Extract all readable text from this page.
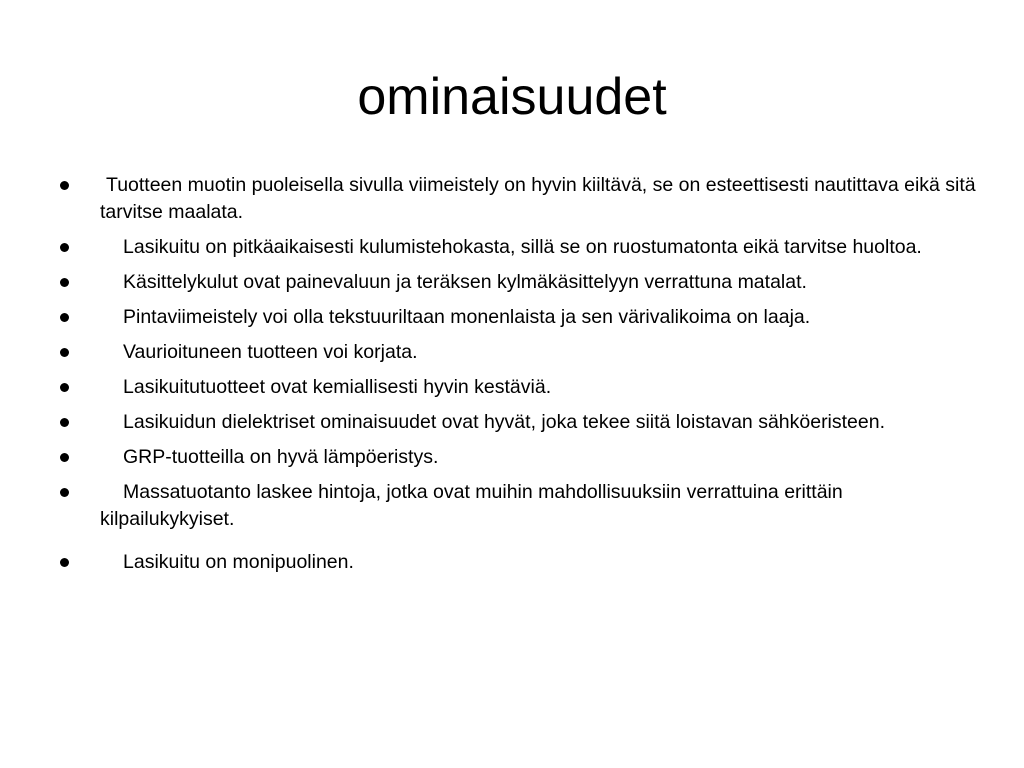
ominaisuudet
Tuotteen muotin puoleisella sivulla viimeistely on hyvin kiiltävä, se on esteettisesti nautittava eikä sitä tarvitse maalata.
Lasikuitu on pitkäaikaisesti kulumistehokasta, sillä se on ruostumatonta eikä tarvitse huoltoa.
Käsittelykulut ovat painevaluun ja teräksen kylmäkäsittelyyn verrattuna matalat.
Pintaviimeistely voi olla tekstuuriltaan monenlaista ja sen värivalikoima on laaja.
Vaurioituneen tuotteen voi korjata.
Lasikuitutuotteet ovat kemiallisesti hyvin kestäviä.
Lasikuidun dielektriset ominaisuudet ovat hyvät, joka tekee siitä loistavan sähköeristeen.
GRP-tuotteilla on hyvä lämpöeristys.
Massatuotanto laskee hintoja, jotka ovat muihin mahdollisuuksiin verrattuina erittäin kilpailukykyiset.
Lasikuitu on monipuolinen.
